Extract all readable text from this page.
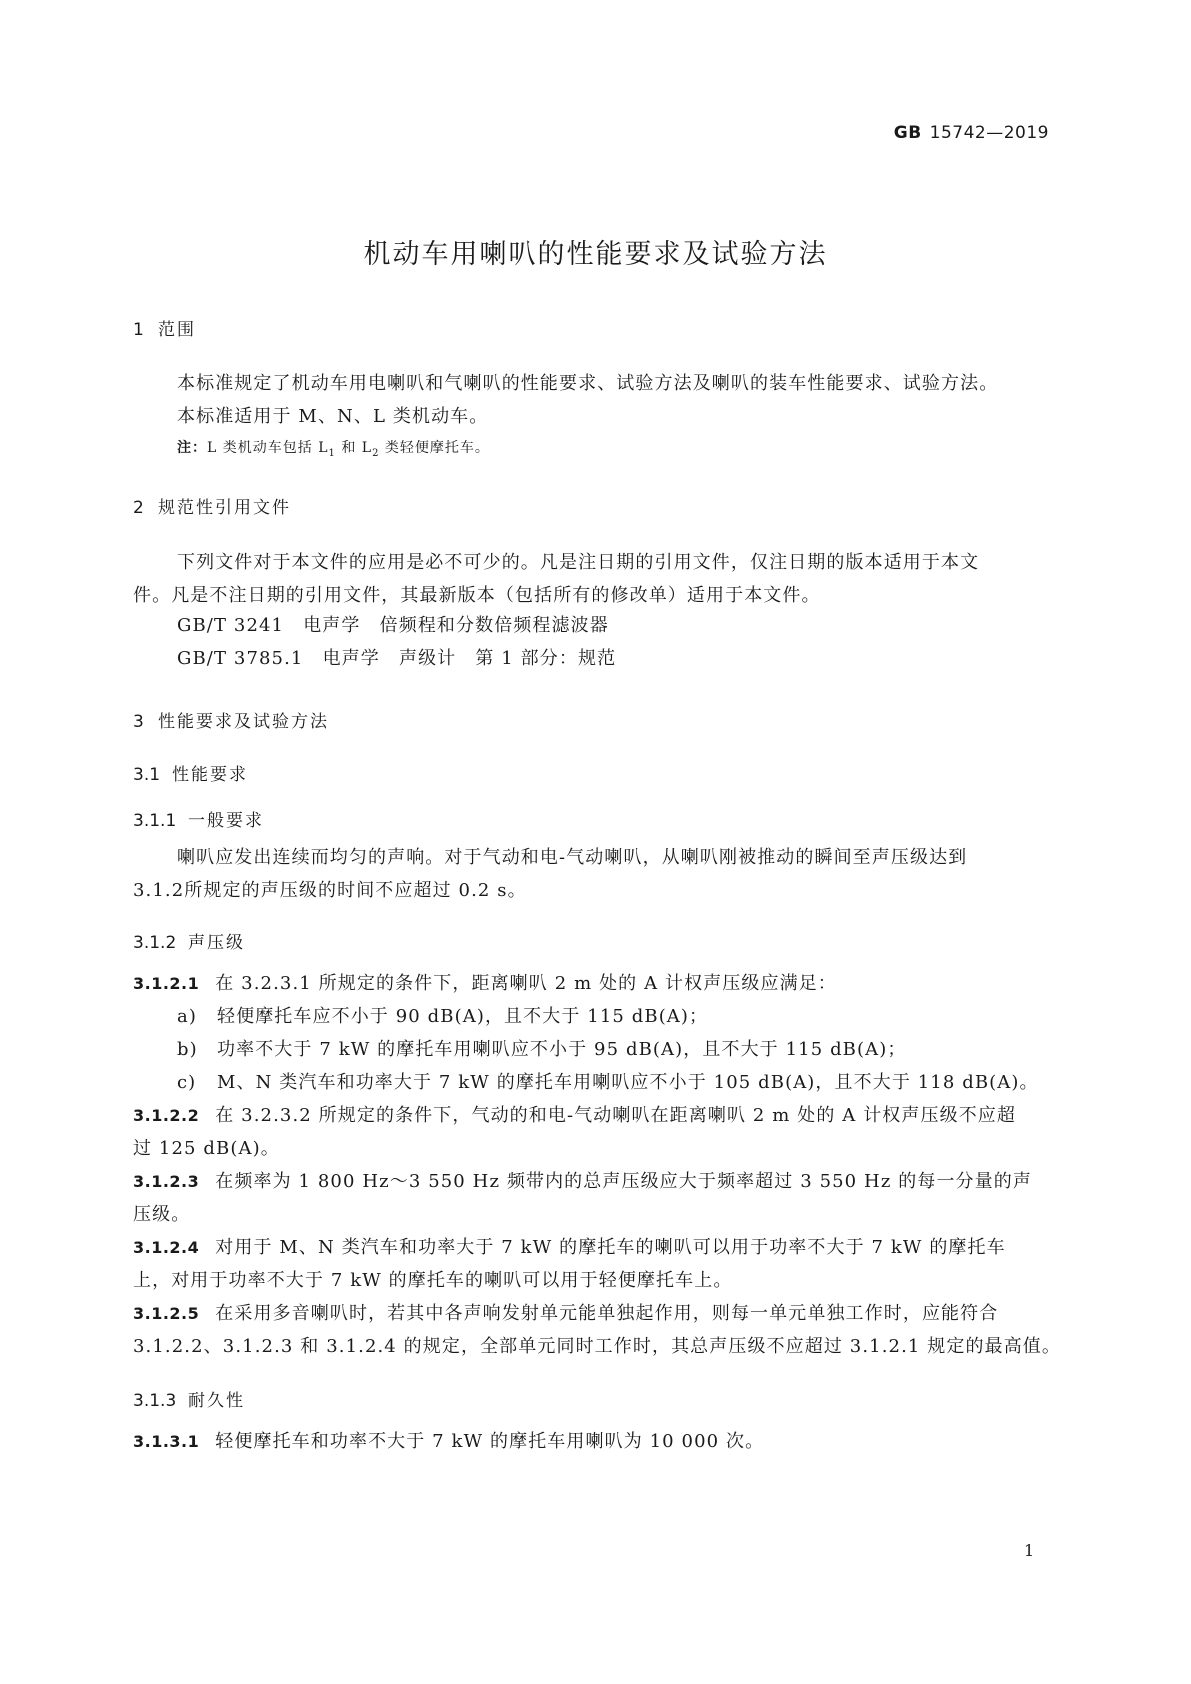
GB 15742—2019
机动车用喇叭的性能要求及试验方法
1 范围
本标准规定了机动车用电喇叭和气喇叭的性能要求、试验方法及喇叭的装车性能要求、试验方法。
本标准适用于 M、N、L 类机动车。
注：L 类机动车包括 $L_1$ 和 $L_2$ 类轻便摩托车。
2 规范性引用文件
下列文件对于本文件的应用是必不可少的。凡是注日期的引用文件，仅注日期的版本适用于本文
件。凡是不注日期的引用文件，其最新版本（包括所有的修改单）适用于本文件。
GB/T 3241　电声学　倍频程和分数倍频程滤波器
GB/T 3785.1　电声学　声级计　第 1 部分：规范
3 性能要求及试验方法
3.1 性能要求
3.1.1 一般要求
喇叭应发出连续而均匀的声响。对于气动和电-气动喇叭，从喇叭刚被推动的瞬间至声压级达到
3.1.2所规定的声压级的时间不应超过 0.2 s。
3.1.2 声压级
3.1.2.1 在 3.2.3.1 所规定的条件下，距离喇叭 2 m 处的 A 计权声压级应满足：
a) 轻便摩托车应不小于 90 dB(A)，且不大于 115 dB(A)；
b) 功率不大于 7 kW 的摩托车用喇叭应不小于 95 dB(A)，且不大于 115 dB(A)；
c) M、N 类汽车和功率大于 7 kW 的摩托车用喇叭应不小于 105 dB(A)，且不大于 118 dB(A)。
3.1.2.2 在 3.2.3.2 所规定的条件下，气动的和电-气动喇叭在距离喇叭 2 m 处的 A 计权声压级不应超
过 125 dB(A)。
3.1.2.3 在频率为 1 800 Hz～3 550 Hz 频带内的总声压级应大于频率超过 3 550 Hz 的每一分量的声
压级。
3.1.2.4 对用于 M、N 类汽车和功率大于 7 kW 的摩托车的喇叭可以用于功率不大于 7 kW 的摩托车
上，对用于功率不大于 7 kW 的摩托车的喇叭可以用于轻便摩托车上。
3.1.2.5 在采用多音喇叭时，若其中各声响发射单元能单独起作用，则每一单元单独工作时，应能符合
3.1.2.2、3.1.2.3 和 3.1.2.4 的规定，全部单元同时工作时，其总声压级不应超过 3.1.2.1 规定的最高值。
3.1.3 耐久性
3.1.3.1 轻便摩托车和功率不大于 7 kW 的摩托车用喇叭为 10 000 次。
1
